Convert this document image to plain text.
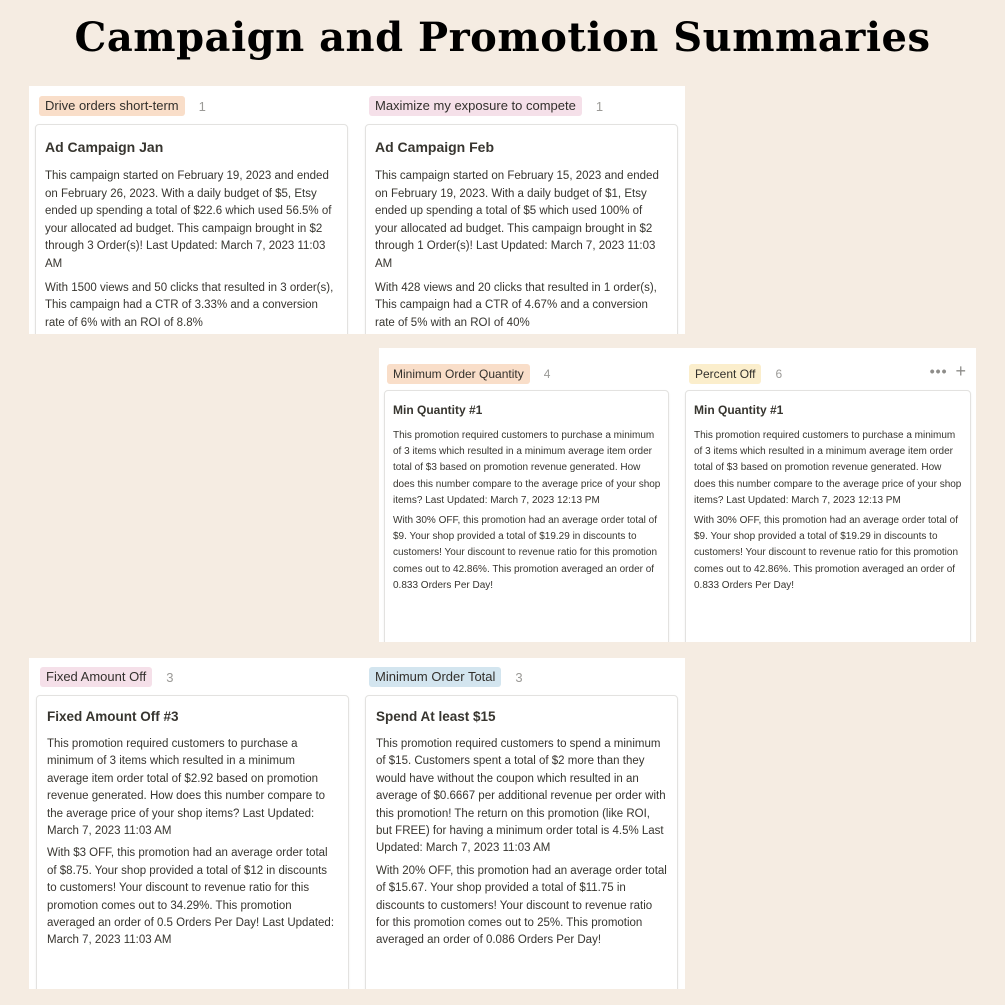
Campaign and Promotion Summaries
Drive orders short-term	1
Ad Campaign Jan
This campaign started on February 19, 2023 and ended on February 26, 2023. With a daily budget of $5, Etsy ended up spending a total of $22.6 which used 56.5% of your allocated ad budget. This campaign brought in $2 through 3 Order(s)! Last Updated: March 7, 2023 11:03 AM
With 1500 views and 50 clicks that resulted in 3 order(s), This campaign had a CTR of 3.33% and a conversion rate of 6% with an ROI of 8.8%
Maximize my exposure to compete	1
Ad Campaign Feb
This campaign started on February 15, 2023 and ended on February 19, 2023. With a daily budget of $1, Etsy ended up spending a total of $5 which used 100% of your allocated ad budget. This campaign brought in $2 through 1 Order(s)! Last Updated: March 7, 2023 11:03 AM
With 428 views and 20 clicks that resulted in 1 order(s), This campaign had a CTR of 4.67% and a conversion rate of 5% with an ROI of 40%
Minimum Order Quantity	4
Min Quantity #1
This promotion required customers to purchase a minimum of 3 items which resulted in a minimum average item order total of $3 based on promotion revenue generated. How does this number compare to the average price of your shop items? Last Updated: March 7, 2023 12:13 PM
With 30% OFF, this promotion had an average order total of $9. Your shop provided a total of $19.29 in discounts to customers! Your discount to revenue ratio for this promotion comes out to 42.86%. This promotion averaged an order of 0.833 Orders Per Day!
Percent Off	6	••• +
Min Quantity #1
This promotion required customers to purchase a minimum of 3 items which resulted in a minimum average item order total of $3 based on promotion revenue generated. How does this number compare to the average price of your shop items? Last Updated: March 7, 2023 12:13 PM
With 30% OFF, this promotion had an average order total of $9. Your shop provided a total of $19.29 in discounts to customers! Your discount to revenue ratio for this promotion comes out to 42.86%. This promotion averaged an order of 0.833 Orders Per Day!
Fixed Amount Off	3
Fixed Amount Off #3
This promotion required customers to purchase a minimum of 3 items which resulted in a minimum average item order total of $2.92 based on promotion revenue generated. How does this number compare to the average price of your shop items? Last Updated: March 7, 2023 11:03 AM
With $3 OFF, this promotion had an average order total of $8.75. Your shop provided a total of $12 in discounts to customers! Your discount to revenue ratio for this promotion comes out to 34.29%. This promotion averaged an order of 0.5 Orders Per Day! Last Updated: March 7, 2023 11:03 AM
Minimum Order Total	3
Spend At least $15
This promotion required customers to spend a minimum of $15. Customers spent a total of $2 more than they would have without the coupon which resulted in an average of $0.6667 per additional revenue per order with this promotion! The return on this promotion (like ROI, but FREE) for having a minimum order total is 4.5% Last Updated: March 7, 2023 11:03 AM
With 20% OFF, this promotion had an average order total of $15.67. Your shop provided a total of $11.75 in discounts to customers! Your discount to revenue ratio for this promotion comes out to 25%. This promotion averaged an order of 0.086 Orders Per Day!
